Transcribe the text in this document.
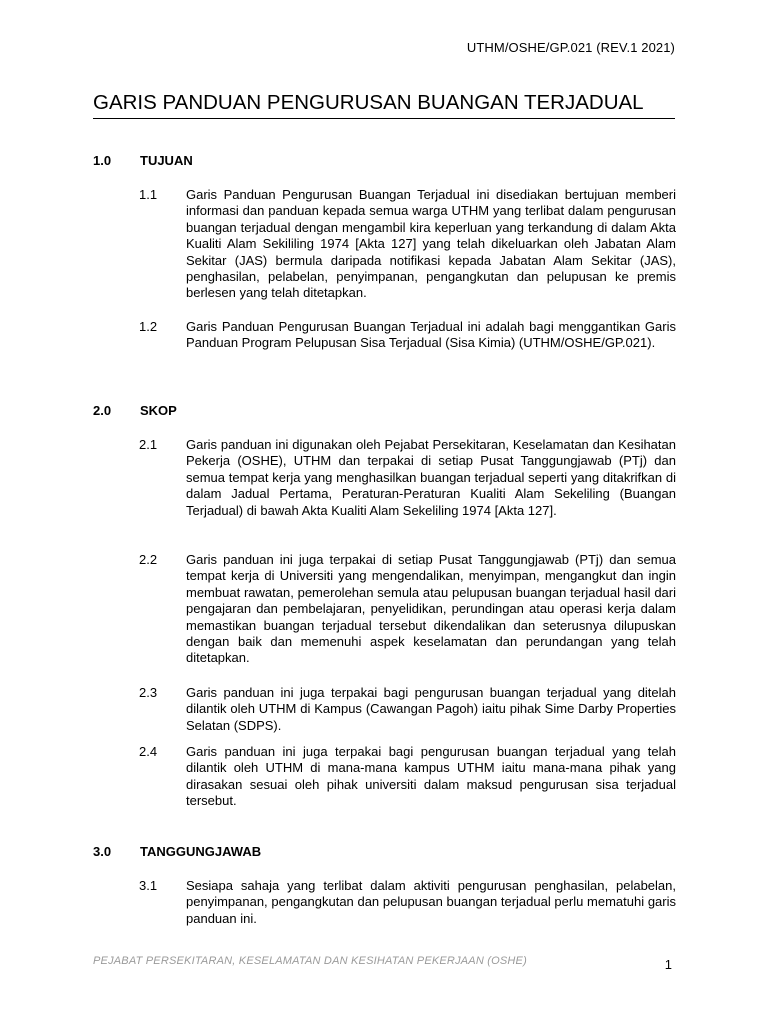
UTHM/OSHE/GP.021 (REV.1 2021)
GARIS PANDUAN PENGURUSAN BUANGAN TERJADUAL
1.0 TUJUAN
1.1 Garis Panduan Pengurusan Buangan Terjadual ini disediakan bertujuan memberi informasi dan panduan kepada semua warga UTHM yang terlibat dalam pengurusan buangan terjadual dengan mengambil kira keperluan yang terkandung di dalam Akta Kualiti Alam Sekililing 1974 [Akta 127] yang telah dikeluarkan oleh Jabatan Alam Sekitar (JAS) bermula daripada notifikasi kepada Jabatan Alam Sekitar (JAS), penghasilan, pelabelan, penyimpanan, pengangkutan dan pelupusan ke premis berlesen yang telah ditetapkan.
1.2 Garis Panduan Pengurusan Buangan Terjadual ini adalah bagi menggantikan Garis Panduan Program Pelupusan Sisa Terjadual (Sisa Kimia) (UTHM/OSHE/GP.021).
2.0 SKOP
2.1 Garis panduan ini digunakan oleh Pejabat Persekitaran, Keselamatan dan Kesihatan Pekerja (OSHE), UTHM dan terpakai di setiap Pusat Tanggungjawab (PTj) dan semua tempat kerja yang menghasilkan buangan terjadual seperti yang ditakrifkan di dalam Jadual Pertama, Peraturan-Peraturan Kualiti Alam Sekeliling (Buangan Terjadual) di bawah Akta Kualiti Alam Sekeliling 1974 [Akta 127].
2.2 Garis panduan ini juga terpakai di setiap Pusat Tanggungjawab (PTj) dan semua tempat kerja di Universiti yang mengendalikan, menyimpan, mengangkut dan ingin membuat rawatan, pemerolehan semula atau pelupusan buangan terjadual hasil dari pengajaran dan pembelajaran, penyelidikan, perundingan atau operasi kerja dalam memastikan buangan terjadual tersebut dikendalikan dan seterusnya dilupuskan dengan baik dan memenuhi aspek keselamatan dan perundangan yang telah ditetapkan.
2.3 Garis panduan ini juga terpakai bagi pengurusan buangan terjadual yang ditelah dilantik oleh UTHM di Kampus (Cawangan Pagoh) iaitu pihak Sime Darby Properties Selatan (SDPS).
2.4 Garis panduan ini juga terpakai bagi pengurusan buangan terjadual yang telah dilantik oleh UTHM di mana-mana kampus UTHM iaitu mana-mana pihak yang dirasakan sesuai oleh pihak universiti dalam maksud pengurusan sisa terjadual tersebut.
3.0 TANGGUNGJAWAB
3.1 Sesiapa sahaja yang terlibat dalam aktiviti pengurusan penghasilan, pelabelan, penyimpanan, pengangkutan dan pelupusan buangan terjadual perlu mematuhi garis panduan ini.
PEJABAT PERSEKITARAN, KESELAMATAN DAN KESIHATAN PEKERJAAN (OSHE)	1
